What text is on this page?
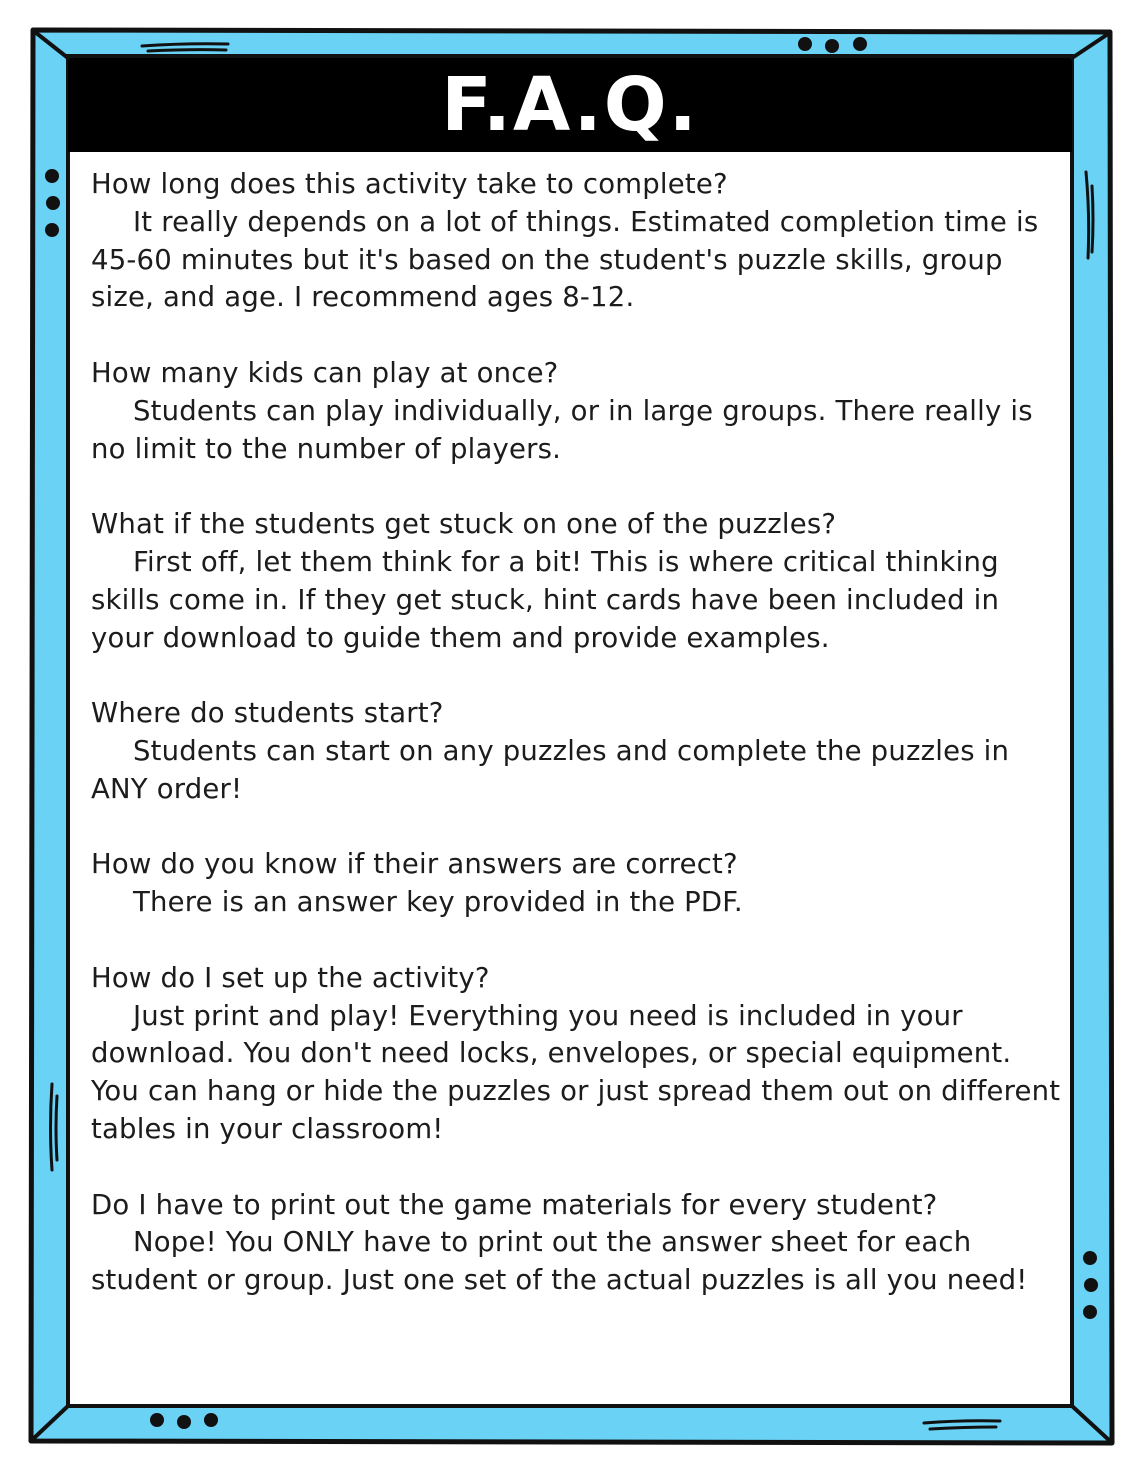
F.A.Q.
How long does this activity take to complete?
It really depends on a lot of things. Estimated completion time is 45-60 minutes but it's based on the student's puzzle skills, group size, and age. I recommend ages 8-12.
How many kids can play at once?
Students can play individually, or in large groups. There really is no limit to the number of players.
What if the students get stuck on one of the puzzles?
First off, let them think for a bit! This is where critical thinking skills come in. If they get stuck, hint cards have been included in your download to guide them and provide examples.
Where do students start?
Students can start on any puzzles and complete the puzzles in ANY order!
How do you know if their answers are correct?
There is an answer key provided in the PDF.
How do I set up the activity?
Just print and play! Everything you need is included in your download. You don't need locks, envelopes, or special equipment. You can hang or hide the puzzles or just spread them out on different tables in your classroom!
Do I have to print out the game materials for every student?
Nope! You ONLY have to print out the answer sheet for each student or group. Just one set of the actual puzzles is all you need!
